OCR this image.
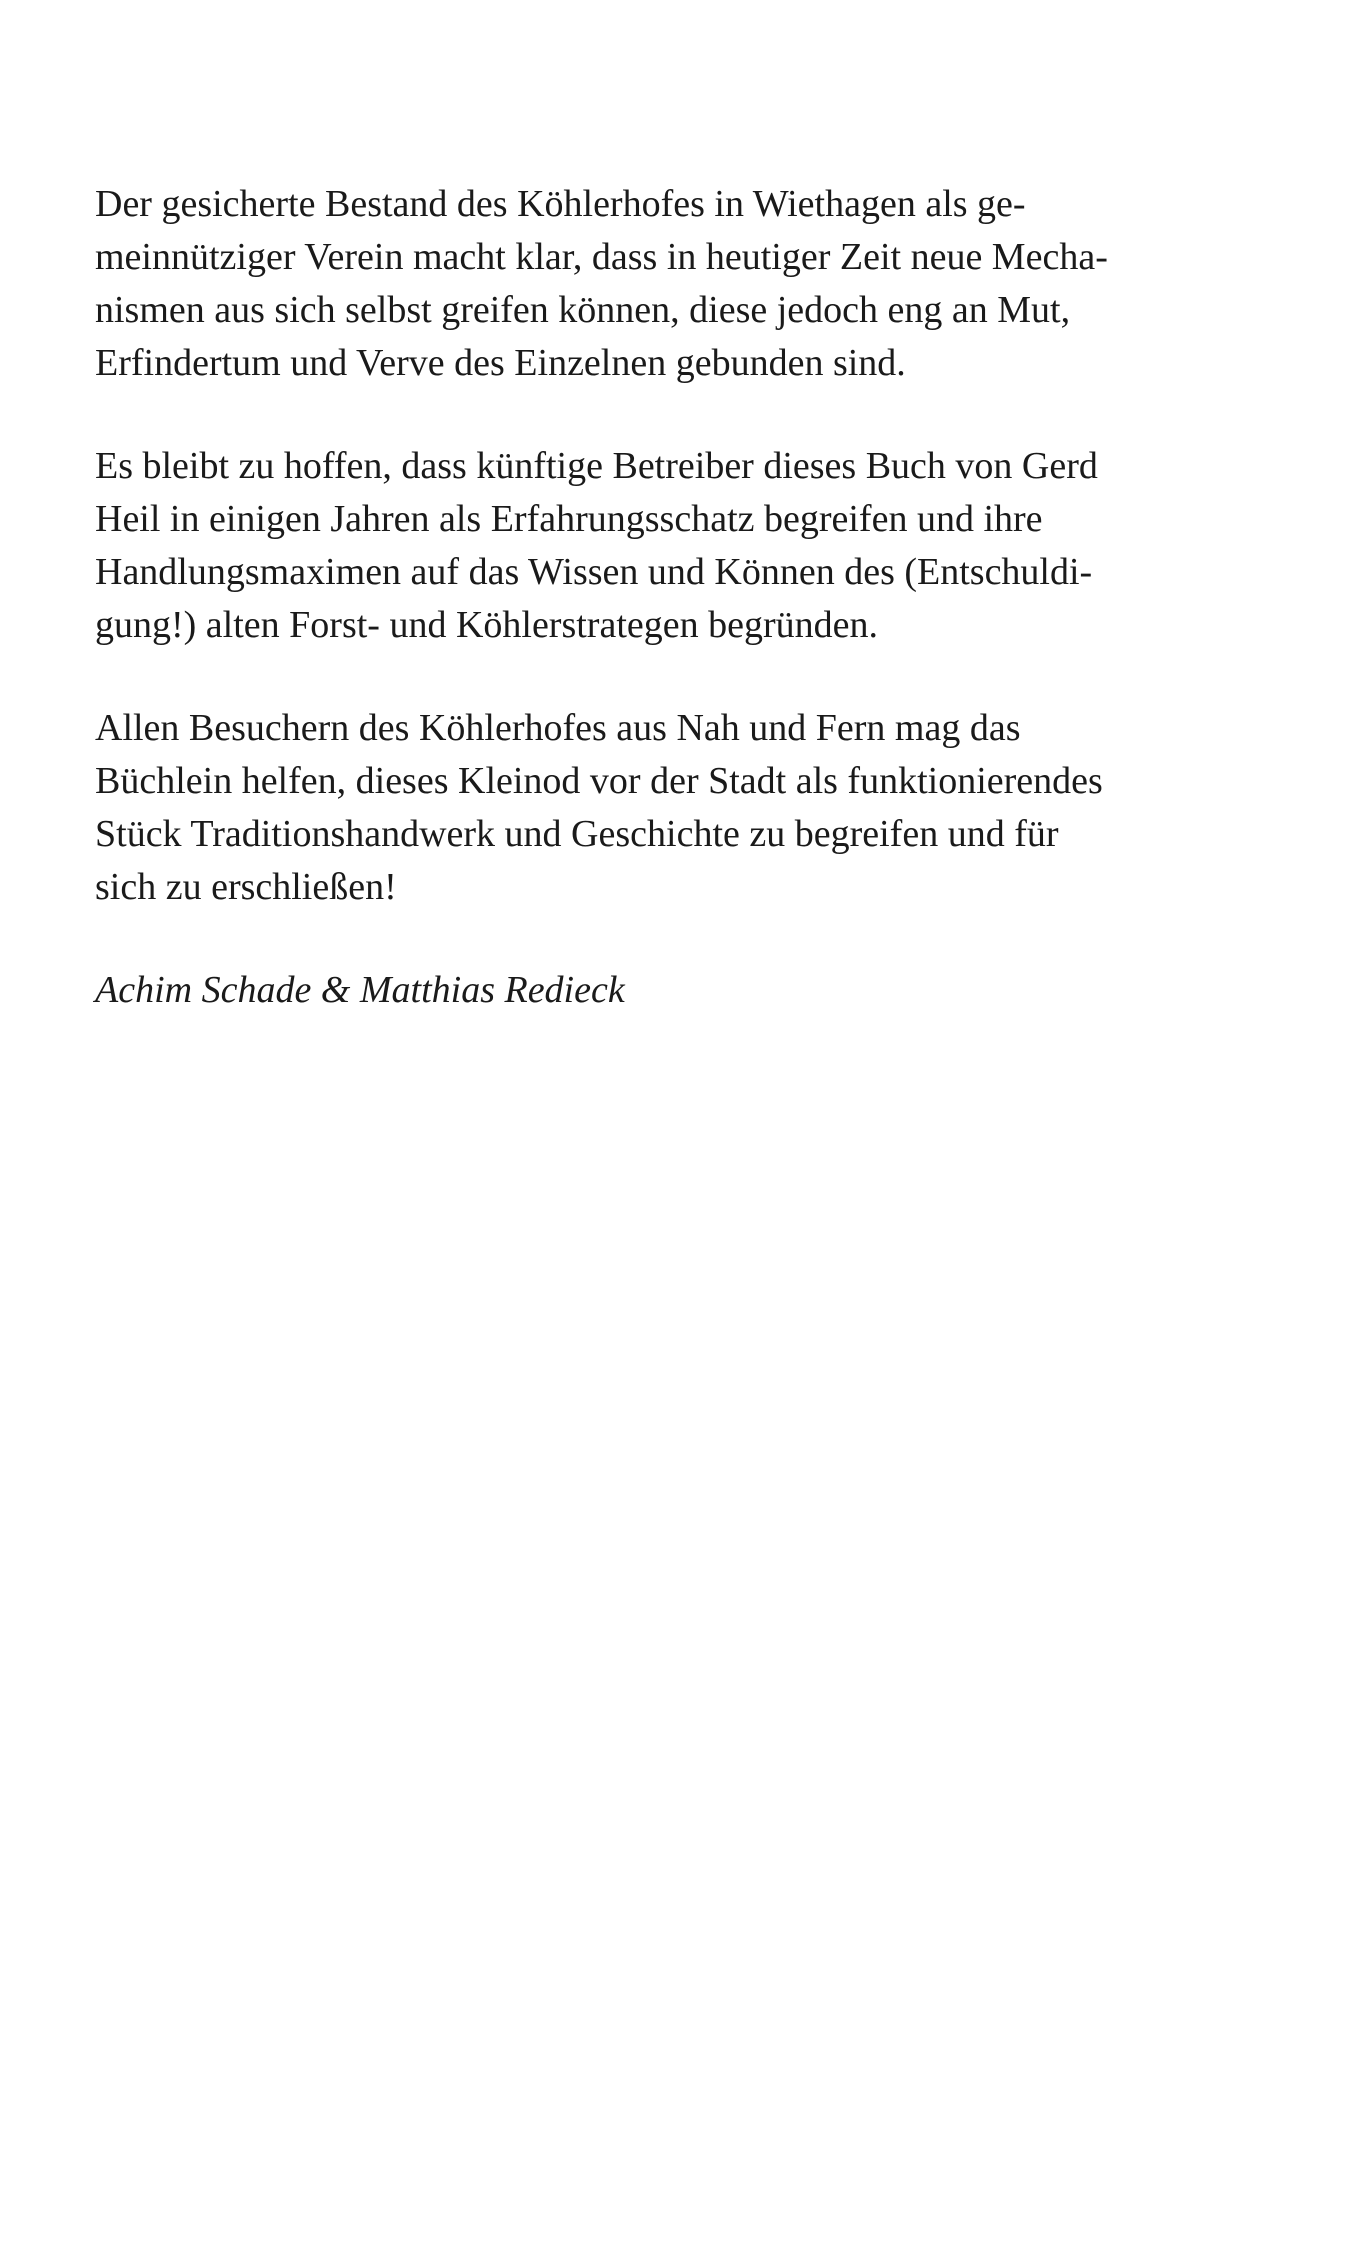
Der gesicherte Bestand des Köhlerhofes in Wiethagen als ge-
meinnütziger Verein macht klar, dass in heutiger Zeit neue Mecha-
nismen aus sich selbst greifen können, diese jedoch eng an Mut,
Erfindertum und Verve des Einzelnen gebunden sind.

Es bleibt zu hoffen, dass künftige Betreiber dieses Buch von Gerd
Heil in einigen Jahren als Erfahrungsschatz begreifen und ihre
Handlungsmaximen auf das Wissen und Können des (Entschuldi-
gung!) alten Forst- und Köhlerstrategen begründen.

Allen Besuchern des Köhlerhofes aus Nah und Fern mag das
Büchlein helfen, dieses Kleinod vor der Stadt als funktionierendes
Stück Traditionshandwerk und Geschichte zu begreifen und für
sich zu erschließen!

Achim Schade & Matthias Redieck
